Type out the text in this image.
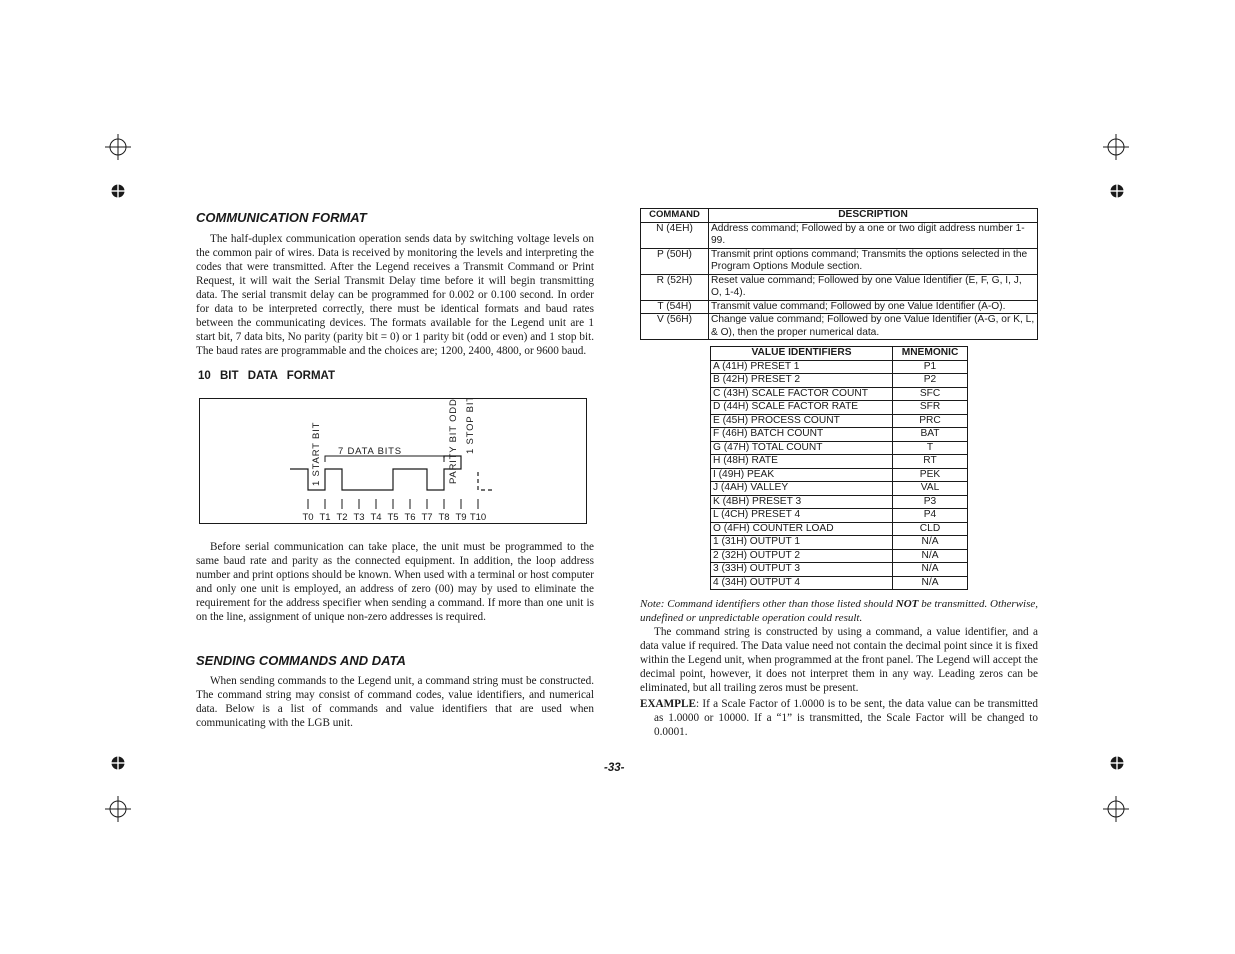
COMMUNICATION FORMAT

The half-duplex communication operation sends data by switching voltage levels on the common pair of wires. Data is received by monitoring the levels and interpreting the codes that were transmitted. After the Legend receives a Transmit Command or Print Request, it will wait the Serial Transmit Delay time before it will begin transmitting data. The serial transmit delay can be programmed for 0.002 or 0.100 second. In order for data to be interpreted correctly, there must be identical formats and baud rates between the communicating devices. The formats available for the Legend unit are 1 start bit, 7 data bits, No parity (parity bit = 0) or 1 parity bit (odd or even) and 1 stop bit. The baud rates are programmable and the choices are; 1200, 2400, 4800, or 9600 baud.

10 BIT DATA FORMAT
7 DATA BITS
1 START BIT	PARITY BIT ODD 1 STOP BIT
T0 T1 T2 T3 T4 T5 T6 T7 T8 T9 T10

Before serial communication can take place, the unit must be programmed to the same baud rate and parity as the connected equipment. In addition, the loop address number and print options should be known. When used with a terminal or host computer and only one unit is employed, an address of zero (00) may by used to eliminate the requirement for the address specifier when sending a command. If more than one unit is on the line, assignment of unique non-zero addresses is required.

SENDING COMMANDS AND DATA

When sending commands to the Legend unit, a command string must be constructed. The command string may consist of command codes, value identifiers, and numerical data. Below is a list of commands and value identifiers that are used when communicating with the LGB unit.

COMMAND	DESCRIPTION
N (4EH)	Address command; Followed by a one or two digit address number 1-99.
P (50H)	Transmit print options command; Transmits the options selected in the Program Options Module section.
R (52H)	Reset value command; Followed by one Value Identifier (E, F, G, I, J, O, 1-4).
T (54H)	Transmit value command; Followed by one Value Identifier (A-O).
V (56H)	Change value command; Followed by one Value Identifier (A-G, or K, L, & O), then the proper numerical data.
VALUE IDENTIFIERS	MNEMONIC
A (41H) PRESET 1	P1
B (42H) PRESET 2	P2
C (43H) SCALE FACTOR COUNT	SFC
D (44H) SCALE FACTOR RATE	SFR
E (45H) PROCESS COUNT	PRC
F (46H) BATCH COUNT	BAT
G (47H) TOTAL COUNT	T
H (48H) RATE	RT
I (49H) PEAK	PEK
J (4AH) VALLEY	VAL
K (4BH) PRESET 3	P3
L (4CH) PRESET 4	P4
O (4FH) COUNTER LOAD	CLD
1 (31H) OUTPUT 1	N/A
2 (32H) OUTPUT 2	N/A
3 (33H) OUTPUT 3	N/A
4 (34H) OUTPUT 4	N/A

Note: Command identifiers other than those listed should NOT be transmitted. Otherwise, undefined or unpredictable operation could result.

The command string is constructed by using a command, a value identifier, and a data value if required. The Data value need not contain the decimal point since it is fixed within the Legend unit, when programmed at the front panel. The Legend will accept the decimal point, however, it does not interpret them in any way. Leading zeros can be eliminated, but all trailing zeros must be present.

EXAMPLE: If a Scale Factor of 1.0000 is to be sent, the data value can be transmitted as 1.0000 or 10000. If a “1” is transmitted, the Scale Factor will be changed to 0.0001.

-33-
